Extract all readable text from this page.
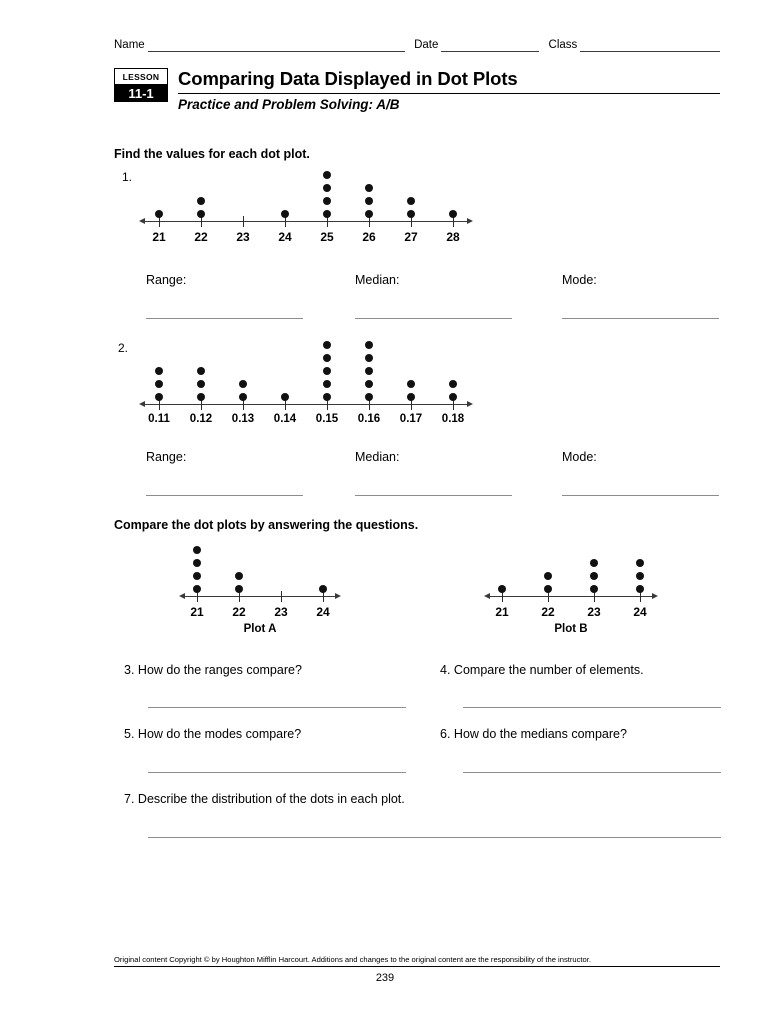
Name	Date	Class
LESSON
11-1
Comparing Data Displayed in Dot Plots
Practice and Problem Solving: A/B
Find the values for each dot plot.
1.
21 22 23 24 25 26 27 28
Range:	Median:	Mode:
2.
0.11 0.12 0.13 0.14 0.15 0.16 0.17 0.18
Range:	Median:	Mode:
Compare the dot plots by answering the questions.
21 22 23 24
Plot A
21	22	23	24
Plot B
3. How do the ranges compare?	4. Compare the number of elements.
5. How do the modes compare?	6. How do the medians compare?
7. Describe the distribution of the dots in each plot.
Original content Copyright © by Houghton Mifflin Harcourt. Additions and changes to the original content are the responsibility of the instructor.
239
